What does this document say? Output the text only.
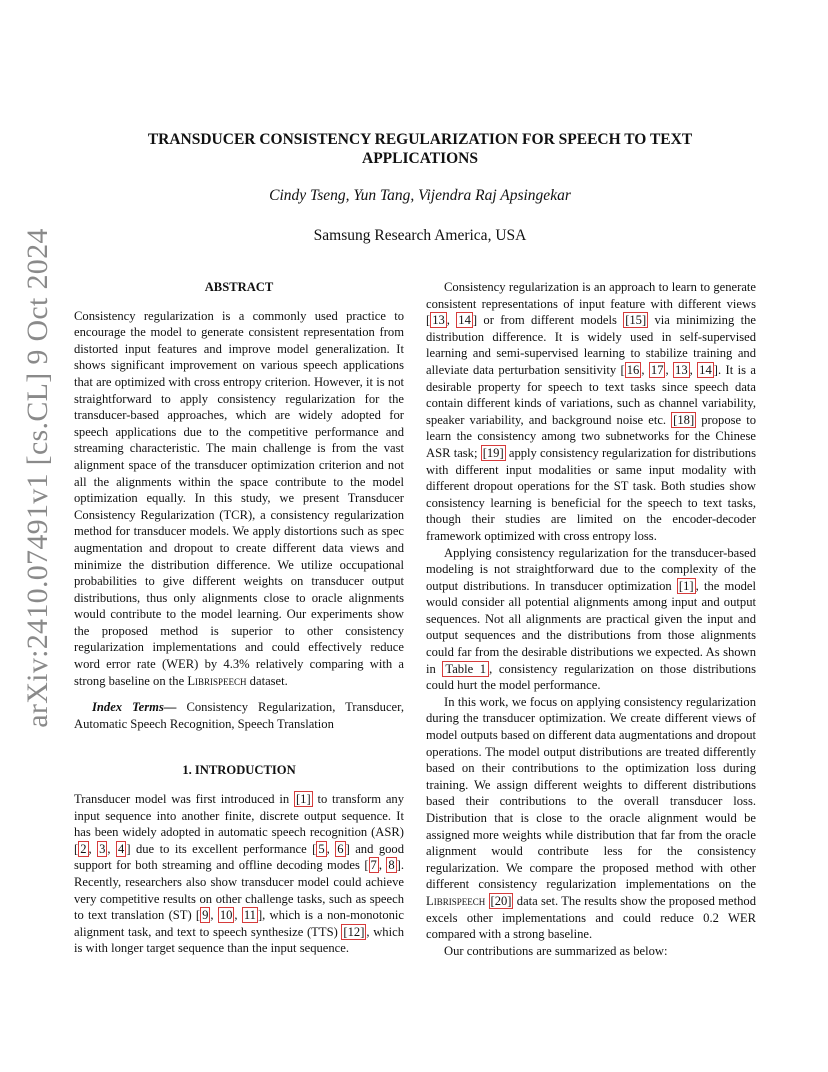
arXiv:2410.07491v1 [cs.CL] 9 Oct 2024
TRANSDUCER CONSISTENCY REGULARIZATION FOR SPEECH TO TEXT APPLICATIONS
Cindy Tseng, Yun Tang, Vijendra Raj Apsingekar
Samsung Research America, USA
ABSTRACT

Consistency regularization is a commonly used practice to encourage the model to generate consistent representation from distorted input features and improve model generalization. It shows significant improvement on various speech applications that are optimized with cross entropy criterion. However, it is not straightforward to apply consistency regularization for the transducer-based approaches, which are widely adopted for speech applications due to the competitive performance and streaming characteristic. The main challenge is from the vast alignment space of the transducer optimization criterion and not all the alignments within the space contribute to the model optimization equally. In this study, we present Transducer Consistency Regularization (TCR), a consistency regularization method for transducer models. We apply distortions such as spec augmentation and dropout to create different data views and minimize the distribution difference. We utilize occupational probabilities to give different weights on transducer output distributions, thus only alignments close to oracle alignments would contribute to the model learning. Our experiments show the proposed method is superior to other consistency regularization implementations and could effectively reduce word error rate (WER) by 4.3% relatively comparing with a strong baseline on the Librispeech dataset.

Index Terms— Consistency Regularization, Transducer, Automatic Speech Recognition, Speech Translation

1. INTRODUCTION

Transducer model was first introduced in [1] to transform any input sequence into another finite, discrete output sequence. It has been widely adopted in automatic speech recognition (ASR) [ 2 , 3 , 4 ] due to its excellent performance [ 5 , 6 ] and good support for both streaming and offline decoding modes [ 7 , 8 ]. Recently, researchers also show transducer model could achieve very competitive results on other challenge tasks, such as speech to text translation (ST) [ 9 , 10 , 11 ], which is a non-monotonic alignment task, and text to speech synthesize (TTS) [12] , which is with longer target sequence than the input sequence.

Consistency regularization is an approach to learn to generate consistent representations of input feature with different views [ 13 , 14 ] or from different models [15] via minimizing the distribution difference. It is widely used in self-supervised learning and semi-supervised learning to stabilize training and alleviate data perturbation sensitivity [ 16 , 17 , 13 , 14 ]. It is a desirable property for speech to text tasks since speech data contain different kinds of variations, such as channel variability, speaker variability, and background noise etc. [18] propose to learn the consistency among two subnetworks for the Chinese ASR task; [19] apply consistency regularization for distributions with different input modalities or same input modality with different dropout operations for the ST task. Both studies show consistency learning is beneficial for the speech to text tasks, though their studies are limited on the encoder-decoder framework optimized with cross entropy loss.

Applying consistency regularization for the transducer-based modeling is not straightforward due to the complexity of the output distributions. In transducer optimization [1] , the model would consider all potential alignments among input and output sequences. Not all alignments are practical given the input and output sequences and the distributions from those alignments could far from the desirable distributions we expected. As shown in Table 1 , consistency regularization on those distributions could hurt the model performance.

In this work, we focus on applying consistency regularization during the transducer optimization. We create different views of model outputs based on different data augmentations and dropout operations. The model output distributions are treated differently based on their contributions to the optimization loss during training. We assign different weights to different distributions based their contributions to the overall transducer loss. Distribution that is close to the oracle alignment would be assigned more weights while distribution that far from the oracle alignment would contribute less for the consistency regularization. We compare the proposed method with other different consistency regularization implementations on the Librispeech [20] data set. The results show the proposed method excels other implementations and could reduce 0.2 WER compared with a strong baseline.

Our contributions are summarized as below:
